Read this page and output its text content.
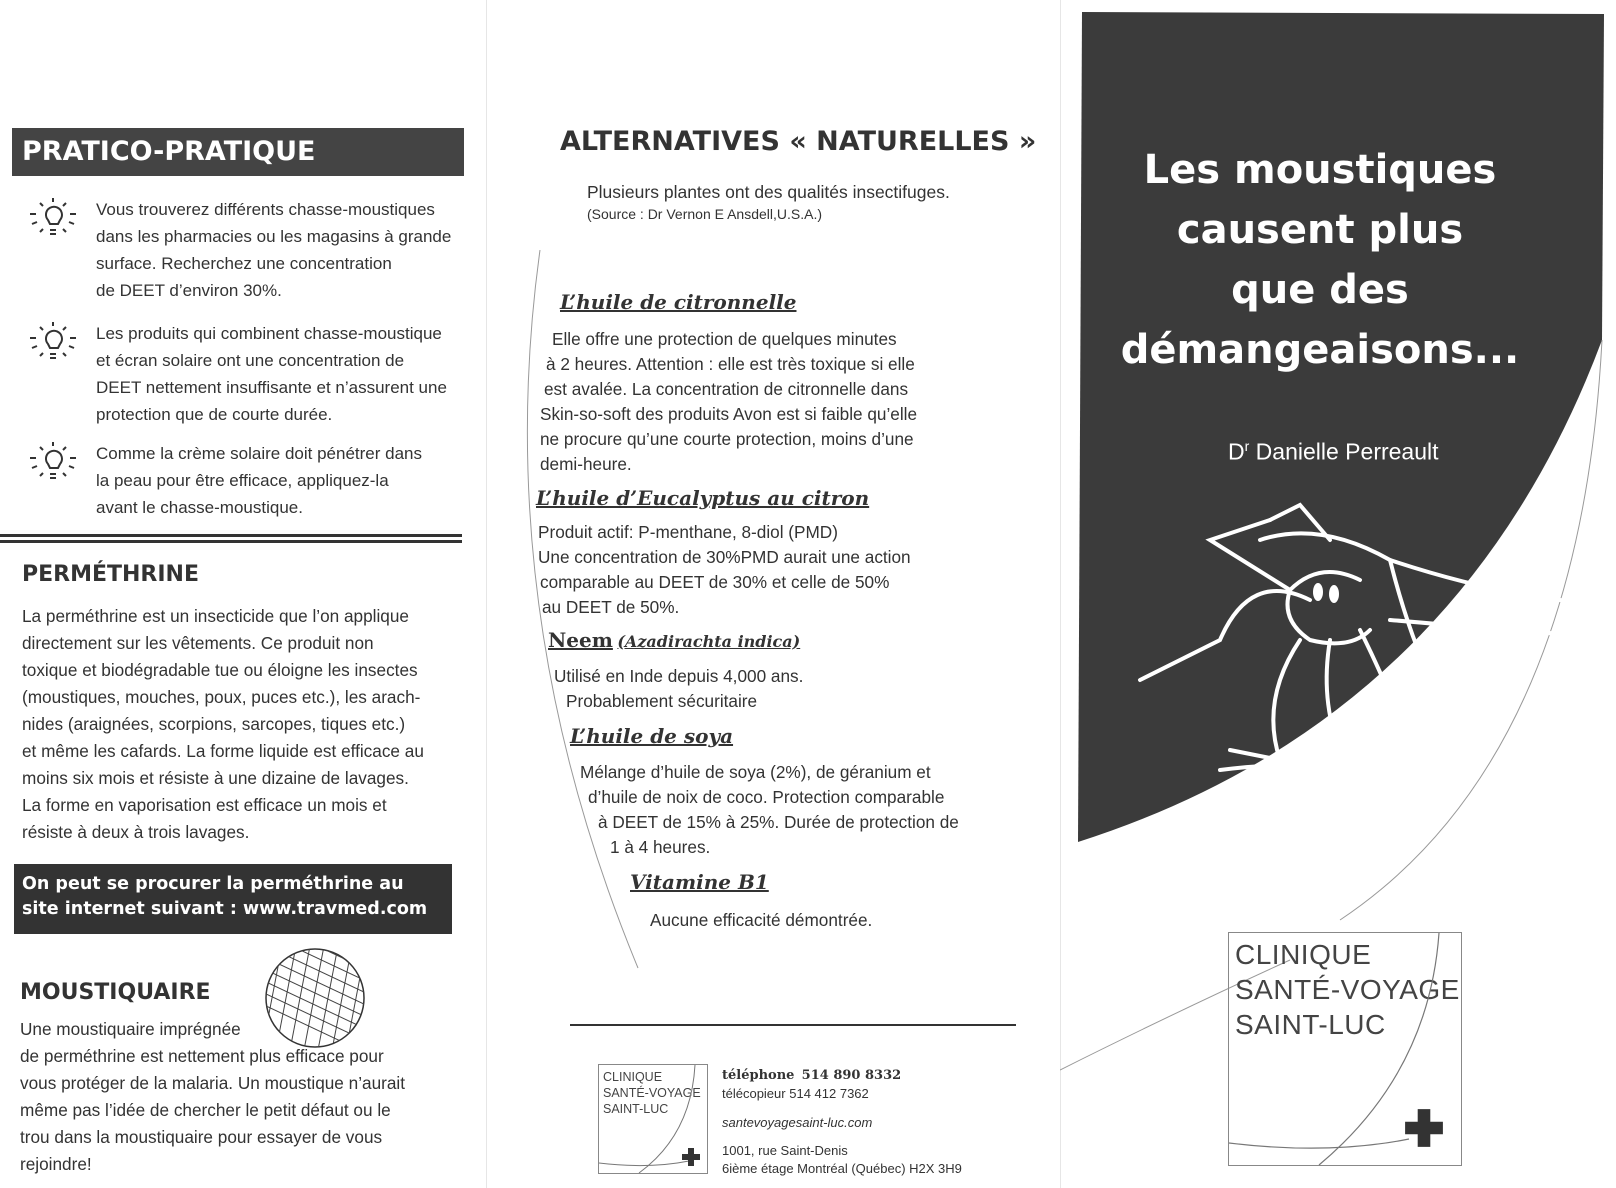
PRATICO-PRATIQUE
Vous trouverez différents chasse-moustiques
dans les pharmacies ou les magasins à grande
surface. Recherchez une concentration
de DEET d’environ 30%.
Les produits qui combinent chasse-moustique
et écran solaire ont une concentration de
DEET nettement insuffisante et n’assurent une
protection que de courte durée.
Comme la crème solaire doit pénétrer dans
la peau pour être efficace, appliquez-la
avant le chasse-moustique.
PERMÉTHRINE
La perméthrine est un insecticide que l’on applique
directement sur les vêtements. Ce produit non
toxique et biodégradable tue ou éloigne les insectes
(moustiques, mouches, poux, puces etc.), les arach-
nides (araignées, scorpions, sarcopes, tiques etc.)
et même les cafards. La forme liquide est efficace au
moins six mois et résiste à une dizaine de lavages.
La forme en vaporisation est efficace un mois et
résiste à deux à trois lavages.
On peut se procurer la perméthrine au
site internet suivant : www.travmed.com
MOUSTIQUAIRE
Une moustiquaire imprégnée
de perméthrine est nettement plus efficace pour
vous protéger de la malaria. Un moustique n’aurait
même pas l’idée de chercher le petit défaut ou le
trou dans la moustiquaire pour essayer de vous
rejoindre!
ALTERNATIVES « NATURELLES »
Plusieurs plantes ont des qualités insectifuges.
(Source : Dr Vernon E Ansdell,U.S.A.)
L’huile de citronnelle
Elle offre une protection de quelques minutes
à 2 heures. Attention : elle est très toxique si elle
est avalée. La concentration de citronnelle dans
Skin-so-soft des produits Avon est si faible qu’elle
ne procure qu’une courte protection, moins d’une
demi-heure.
L’huile d’Eucalyptus au citron
Produit actif: P-menthane, 8-diol (PMD)
Une concentration de 30%PMD aurait une action
comparable au DEET de 30% et celle de 50%
au DEET de 50%.
Neem (Azadirachta indica)
Utilisé en Inde depuis 4,000 ans.
Probablement sécuritaire
L’huile de soya
Mélange d’huile de soya (2%), de géranium et
d’huile de noix de coco. Protection comparable
à DEET de 15% à 25%. Durée de protection de
1 à 4 heures.
Vitamine B1
Aucune efficacité démontrée.
CLINIQUE
SANTÉ-VOYAGE
SAINT-LUC
téléphone 514 890 8332
télécopieur 514 412 7362
santevoyagesaint-luc.com
1001, rue Saint-Denis
6ième étage Montréal (Québec) H2X 3H9
Les moustiques
causent plus
que des
démangeaisons...
$D^r$ Danielle Perreault
CLINIQUE
SANTÉ-VOYAGE
SAINT-LUC
